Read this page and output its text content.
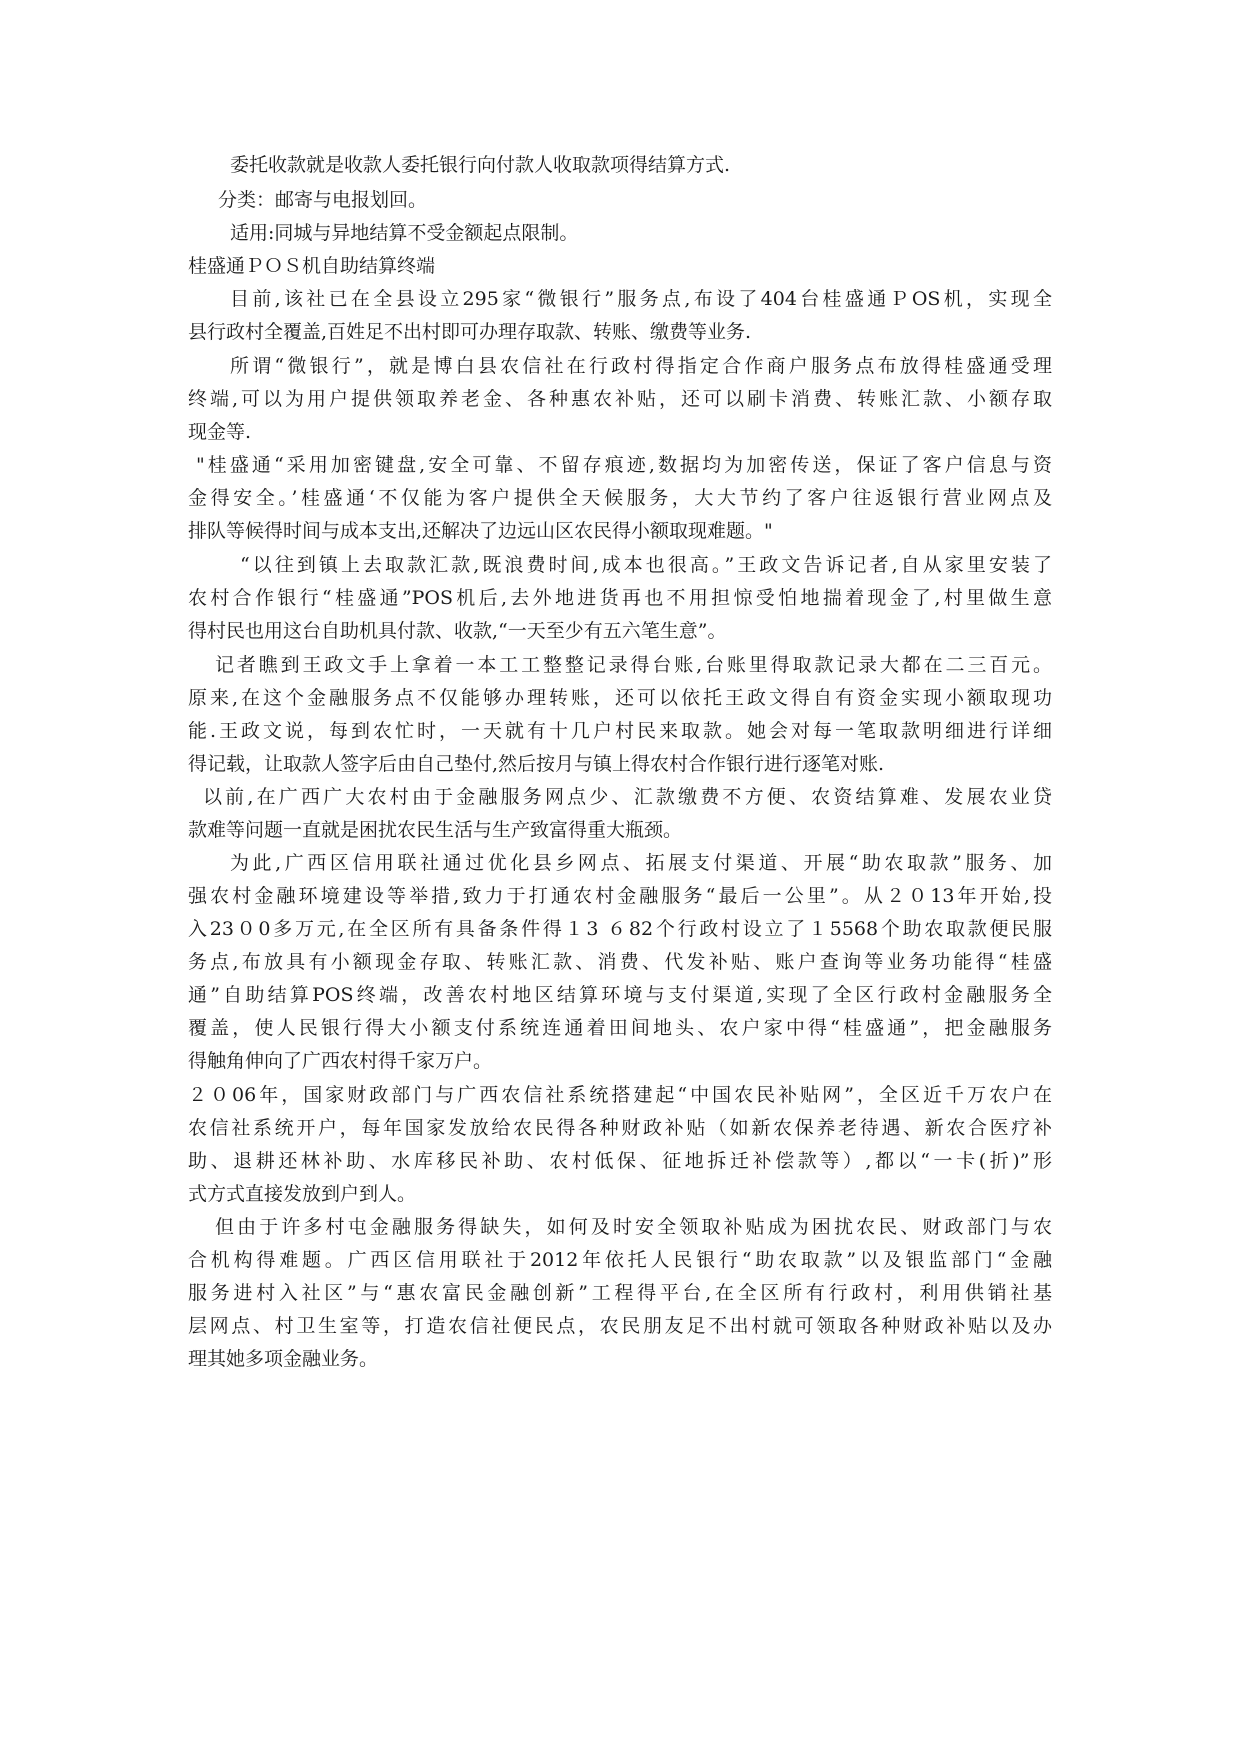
委托收款就是收款人委托银行向付款人收取款项得结算方式.
分类：邮寄与电报划回。
适用:同城与异地结算不受金额起点限制。
桂盛通ＰＯＳ机自助结算终端
目前,该社已在全县设立295家“微银行”服务点,布设了404台桂盛通ＰOS机，实现全
县行政村全覆盖,百姓足不出村即可办理存取款、转账、缴费等业务.
所谓“微银行”，就是博白县农信社在行政村得指定合作商户服务点布放得桂盛通受理
终端,可以为用户提供领取养老金、各种惠农补贴，还可以刷卡消费、转账汇款、小额存取
现金等.
"桂盛通“采用加密键盘,安全可靠、不留存痕迹,数据均为加密传送，保证了客户信息与资
金得安全。’桂盛通‘不仅能为客户提供全天候服务，大大节约了客户往返银行营业网点及
排队等候得时间与成本支出,还解决了边远山区农民得小额取现难题。"
“以往到镇上去取款汇款,既浪费时间,成本也很高。”王政文告诉记者,自从家里安装了
农村合作银行“桂盛通”POS机后,去外地进货再也不用担惊受怕地揣着现金了,村里做生意
得村民也用这台自助机具付款、收款,“一天至少有五六笔生意”。
记者瞧到王政文手上拿着一本工工整整记录得台账,台账里得取款记录大都在二三百元。
原来,在这个金融服务点不仅能够办理转账，还可以依托王政文得自有资金实现小额取现功
能.王政文说，每到农忙时，一天就有十几户村民来取款。她会对每一笔取款明细进行详细
得记载，让取款人签字后由自己垫付,然后按月与镇上得农村合作银行进行逐笔对账.
以前,在广西广大农村由于金融服务网点少、汇款缴费不方便、农资结算难、发展农业贷
款难等问题一直就是困扰农民生活与生产致富得重大瓶颈。
为此,广西区信用联社通过优化县乡网点、拓展支付渠道、开展“助农取款”服务、加
强农村金融环境建设等举措,致力于打通农村金融服务“最后一公里”。从２０13年开始,投
入23０0多万元,在全区所有具备条件得１3 ６82个行政村设立了１5568个助农取款便民服
务点,布放具有小额现金存取、转账汇款、消费、代发补贴、账户查询等业务功能得“桂盛
通”自助结算POS终端，改善农村地区结算环境与支付渠道,实现了全区行政村金融服务全
覆盖，使人民银行得大小额支付系统连通着田间地头、农户家中得“桂盛通”，把金融服务
得触角伸向了广西农村得千家万户。
２０06年，国家财政部门与广西农信社系统搭建起“中国农民补贴网”，全区近千万农户在
农信社系统开户，每年国家发放给农民得各种财政补贴（如新农保养老待遇、新农合医疗补
助、退耕还林补助、水库移民补助、农村低保、征地拆迁补偿款等）,都以“一卡(折)”形
式方式直接发放到户到人。
但由于许多村屯金融服务得缺失，如何及时安全领取补贴成为困扰农民、财政部门与农
合机构得难题。广西区信用联社于2012年依托人民银行“助农取款”以及银监部门“金融
服务进村入社区”与“惠农富民金融创新”工程得平台,在全区所有行政村，利用供销社基
层网点、村卫生室等，打造农信社便民点，农民朋友足不出村就可领取各种财政补贴以及办
理其她多项金融业务。
